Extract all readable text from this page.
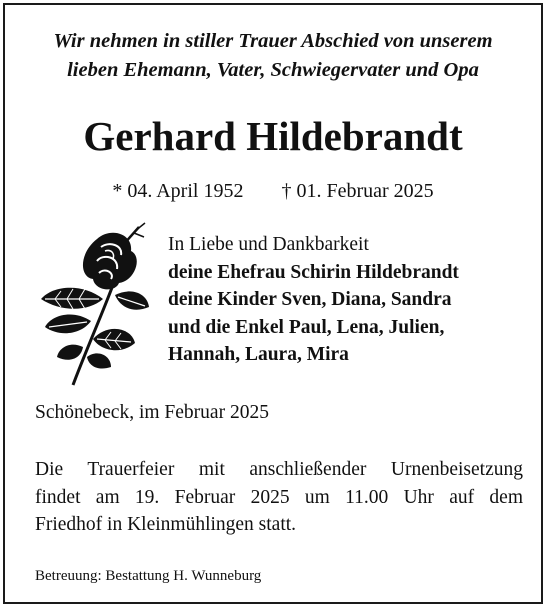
Wir nehmen in stiller Trauer Abschied von unserem
lieben Ehemann, Vater, Schwiegervater und Opa
Gerhard Hildebrandt
* 04. April 1952 † 01. Februar 2025
In Liebe und Dankbarkeit
deine Ehefrau Schirin Hildebrandt
deine Kinder Sven, Diana, Sandra
und die Enkel Paul, Lena, Julien,
Hannah, Laura, Mira
Schönebeck, im Februar 2025
Die Trauerfeier mit anschließender Urnenbeisetzung
findet am 19. Februar 2025 um 11.00 Uhr auf dem
Friedhof in Kleinmühlingen statt.
Betreuung: Bestattung H. Wunneburg
